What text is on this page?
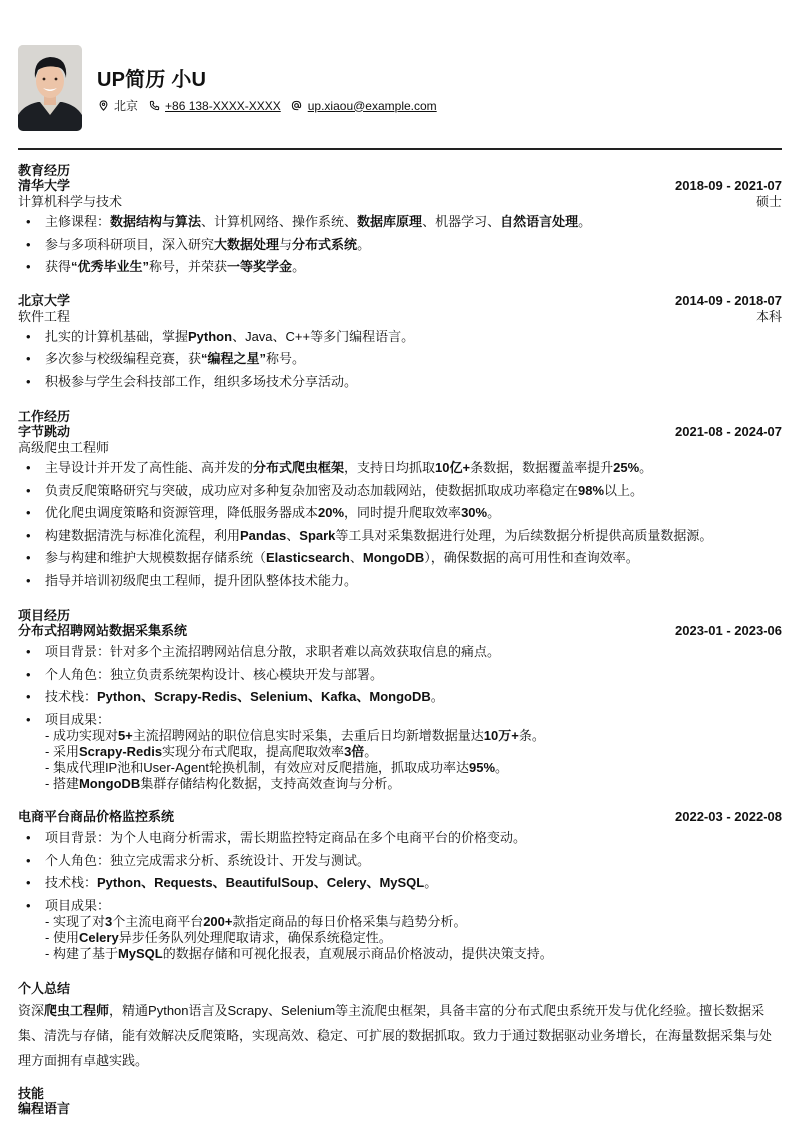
UP简历 小U
北京 +86 138-XXXX-XXXX up.xiaou@example.com
教育经历
清华大学	2018-09 - 2021-07
计算机科学与技术	硕士
• 主修课程：数据结构与算法、计算机网络、操作系统、数据库原理、机器学习、自然语言处理。
• 参与多项科研项目，深入研究大数据处理与分布式系统。
• 获得“优秀毕业生”称号，并荣获一等奖学金。
北京大学	2014-09 - 2018-07
软件工程	本科
• 扎实的计算机基础，掌握Python、Java、C++等多门编程语言。
• 多次参与校级编程竞赛，获“编程之星”称号。
• 积极参与学生会科技部工作，组织多场技术分享活动。
工作经历
字节跳动	2021-08 - 2024-07
高级爬虫工程师
• 主导设计并开发了高性能、高并发的分布式爬虫框架，支持日均抓取10亿+条数据，数据覆盖率提升25%。
• 负责反爬策略研究与突破，成功应对多种复杂加密及动态加载网站，使数据抓取成功率稳定在98%以上。
• 优化爬虫调度策略和资源管理，降低服务器成本20%，同时提升爬取效率30%。
• 构建数据清洗与标准化流程，利用Pandas、Spark等工具对采集数据进行处理，为后续数据分析提供高质量数据源。
• 参与构建和维护大规模数据存储系统（Elasticsearch、MongoDB），确保数据的高可用性和查询效率。
• 指导并培训初级爬虫工程师，提升团队整体技术能力。
项目经历
分布式招聘网站数据采集系统	2023-01 - 2023-06
• 项目背景：针对多个主流招聘网站信息分散，求职者难以高效获取信息的痛点。
• 个人角色：独立负责系统架构设计、核心模块开发与部署。
• 技术栈：Python、Scrapy-Redis、Selenium、Kafka、MongoDB。
• 项目成果：
- 成功实现对5+主流招聘网站的职位信息实时采集，去重后日均新增数据量达10万+条。
- 采用Scrapy-Redis实现分布式爬取，提高爬取效率3倍。
- 集成代理IP池和User-Agent轮换机制，有效应对反爬措施，抓取成功率达95%。
- 搭建MongoDB集群存储结构化数据，支持高效查询与分析。
电商平台商品价格监控系统	2022-03 - 2022-08
• 项目背景：为个人电商分析需求，需长期监控特定商品在多个电商平台的价格变动。
• 个人角色：独立完成需求分析、系统设计、开发与测试。
• 技术栈：Python、Requests、BeautifulSoup、Celery、MySQL。
• 项目成果：
- 实现了对3个主流电商平台200+款指定商品的每日价格采集与趋势分析。
- 使用Celery异步任务队列处理爬取请求，确保系统稳定性。
- 构建了基于MySQL的数据存储和可视化报表，直观展示商品价格波动，提供决策支持。
个人总结
资深爬虫工程师，精通Python语言及Scrapy、Selenium等主流爬虫框架，具备丰富的分布式爬虫系统开发与优化经验。擅长数据采集、清洗与存储，能有效解决反爬策略，实现高效、稳定、可扩展的数据抓取。致力于通过数据驱动业务增长，在海量数据采集与处理方面拥有卓越实践。
技能
编程语言
